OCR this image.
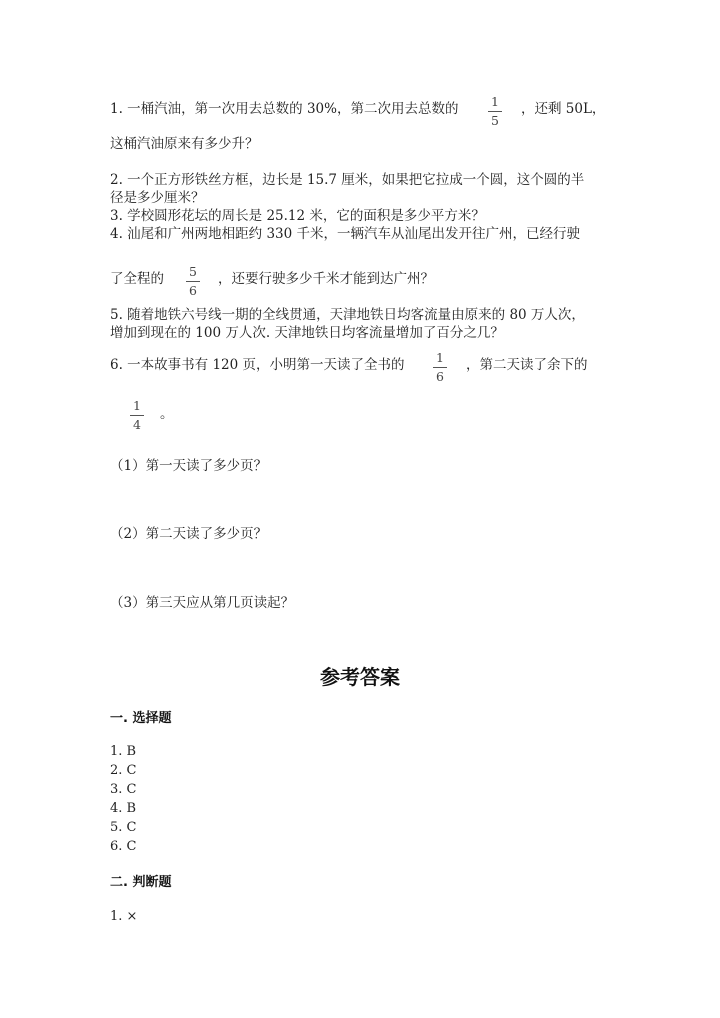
1. 一桶汽油，第一次用去总数的 30%，第二次用去总数的	1
5
，还剩 50L，
这桶汽油原来有多少升？
2. 一个正方形铁丝方框，边长是 15.7 厘米，如果把它拉成一个圆，这个圆的半
径是多少厘米？
3. 学校圆形花坛的周长是 25.12 米，它的面积是多少平方米？
4. 汕尾和广州两地相距约 330 千米，一辆汽车从汕尾出发开往广州，已经行驶
了全程的 5
6
，还要行驶多少千米才能到达广州？
5. 随着地铁六号线一期的全线贯通，天津地铁日均客流量由原来的 80 万人次，
增加到现在的 100 万人次. 天津地铁日均客流量增加了百分之几？
6. 一本故事书有 120 页，小明第一天读了全书的	1
6
，第二天读了余下的
1
4
。
（1）第一天读了多少页？
（2）第二天读了多少页？
（3）第三天应从第几页读起？
参考答案
一. 选择题
1. B
2. C
3. C
4. B
5. C
6. C
二. 判断题
1. ×
